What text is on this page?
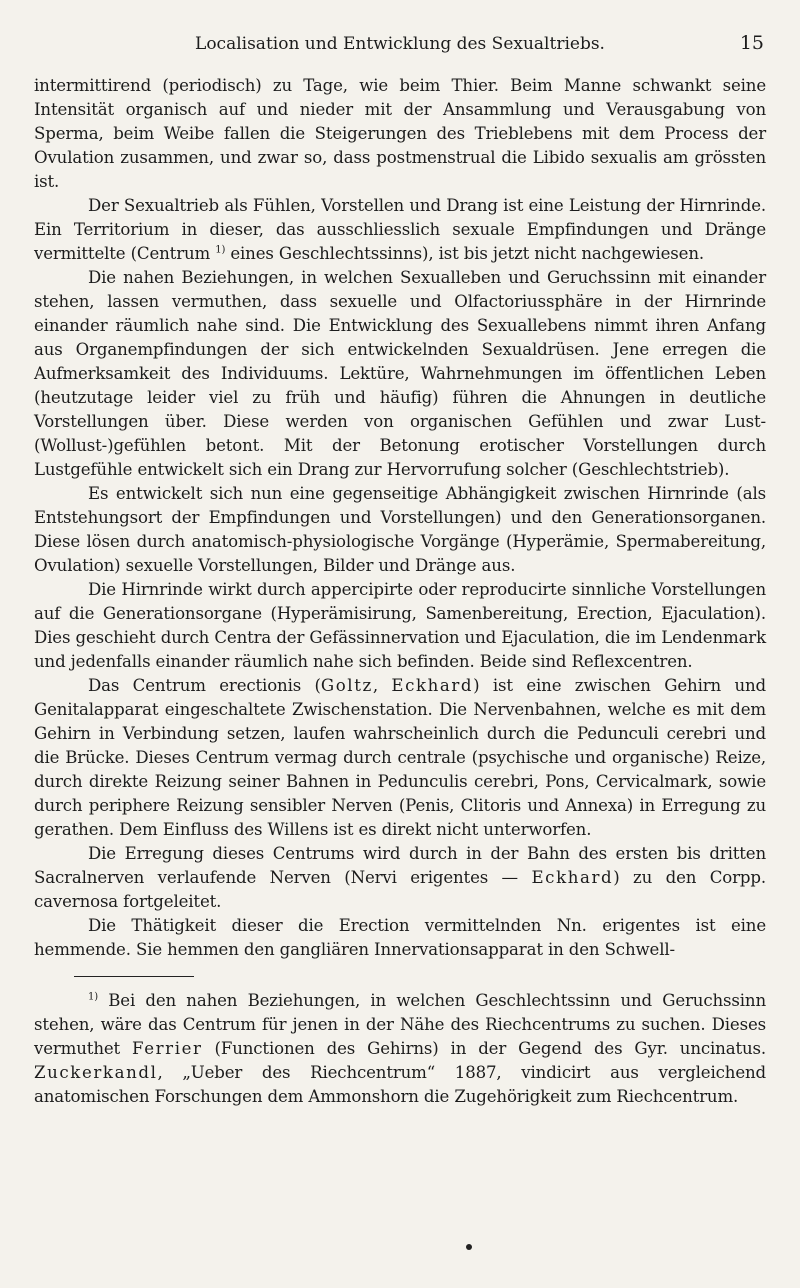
Localisation und Entwicklung des Sexualtriebs.	15

intermittirend (periodisch) zu Tage, wie beim Thier. Beim Manne schwankt seine Intensität organisch auf und nieder mit der Ansammlung und Verausgabung von Sperma, beim Weibe fallen die Steigerungen des Trieblebens mit dem Process der Ovulation zusammen, und zwar so, dass postmenstrual die Libido sexualis am grössten ist.

Der Sexualtrieb als Fühlen, Vorstellen und Drang ist eine Leistung der Hirnrinde. Ein Territorium in dieser, das ausschliesslich sexuale Empfindungen und Dränge vermittelte (Centrum $^{1)}$ eines Geschlechtssinns), ist bis jetzt nicht nachgewiesen.

Die nahen Beziehungen, in welchen Sexualleben und Geruchssinn mit einander stehen, lassen vermuthen, dass sexuelle und Olfactoriussphäre in der Hirnrinde einander räumlich nahe sind. Die Entwicklung des Sexuallebens nimmt ihren Anfang aus Organempfindungen der sich entwickelnden Sexualdrüsen. Jene erregen die Aufmerksamkeit des Individuums. Lektüre, Wahrnehmungen im öffentlichen Leben (heutzutage leider viel zu früh und häufig) führen die Ahnungen in deutliche Vorstellungen über. Diese werden von organischen Gefühlen und zwar Lust-(Wollust-)gefühlen betont. Mit der Betonung erotischer Vorstellungen durch Lustgefühle entwickelt sich ein Drang zur Hervorrufung solcher (Geschlechtstrieb).

Es entwickelt sich nun eine gegenseitige Abhängigkeit zwischen Hirnrinde (als Entstehungsort der Empfindungen und Vorstellungen) und den Generationsorganen. Diese lösen durch anatomisch-physiologische Vorgänge (Hyperämie, Spermabereitung, Ovulation) sexuelle Vorstellungen, Bilder und Dränge aus.

Die Hirnrinde wirkt durch appercipirte oder reproducirte sinnliche Vorstellungen auf die Generationsorgane (Hyperämisirung, Samenbereitung, Erection, Ejaculation). Dies geschieht durch Centra der Gefässinnervation und Ejaculation, die im Lendenmark und jedenfalls einander räumlich nahe sich befinden. Beide sind Reflexcentren.

Das Centrum erectionis (Goltz, Eckhard) ist eine zwischen Gehirn und Genitalapparat eingeschaltete Zwischenstation. Die Nervenbahnen, welche es mit dem Gehirn in Verbindung setzen, laufen wahrscheinlich durch die Pedunculi cerebri und die Brücke. Dieses Centrum vermag durch centrale (psychische und organische) Reize, durch direkte Reizung seiner Bahnen in Pedunculis cerebri, Pons, Cervicalmark, sowie durch periphere Reizung sensibler Nerven (Penis, Clitoris und Annexa) in Erregung zu gerathen. Dem Einfluss des Willens ist es direkt nicht unterworfen.

Die Erregung dieses Centrums wird durch in der Bahn des ersten bis dritten Sacralnerven verlaufende Nerven (Nervi erigentes — Eckhard) zu den Corpp. cavernosa fortgeleitet.

Die Thätigkeit dieser die Erection vermittelnden Nn. erigentes ist eine hemmende. Sie hemmen den gangliären Innervationsapparat in den Schwell-

$^{1)}$ Bei den nahen Beziehungen, in welchen Geschlechtssinn und Geruchssinn stehen, wäre das Centrum für jenen in der Nähe des Riechcentrums zu suchen. Dieses vermuthet Ferrier (Functionen des Gehirns) in der Gegend des Gyr. uncinatus. Zuckerkandl, „Ueber des Riechcentrum“ 1887, vindicirt aus vergleichend anatomischen Forschungen dem Ammonshorn die Zugehörigkeit zum Riechcentrum.
